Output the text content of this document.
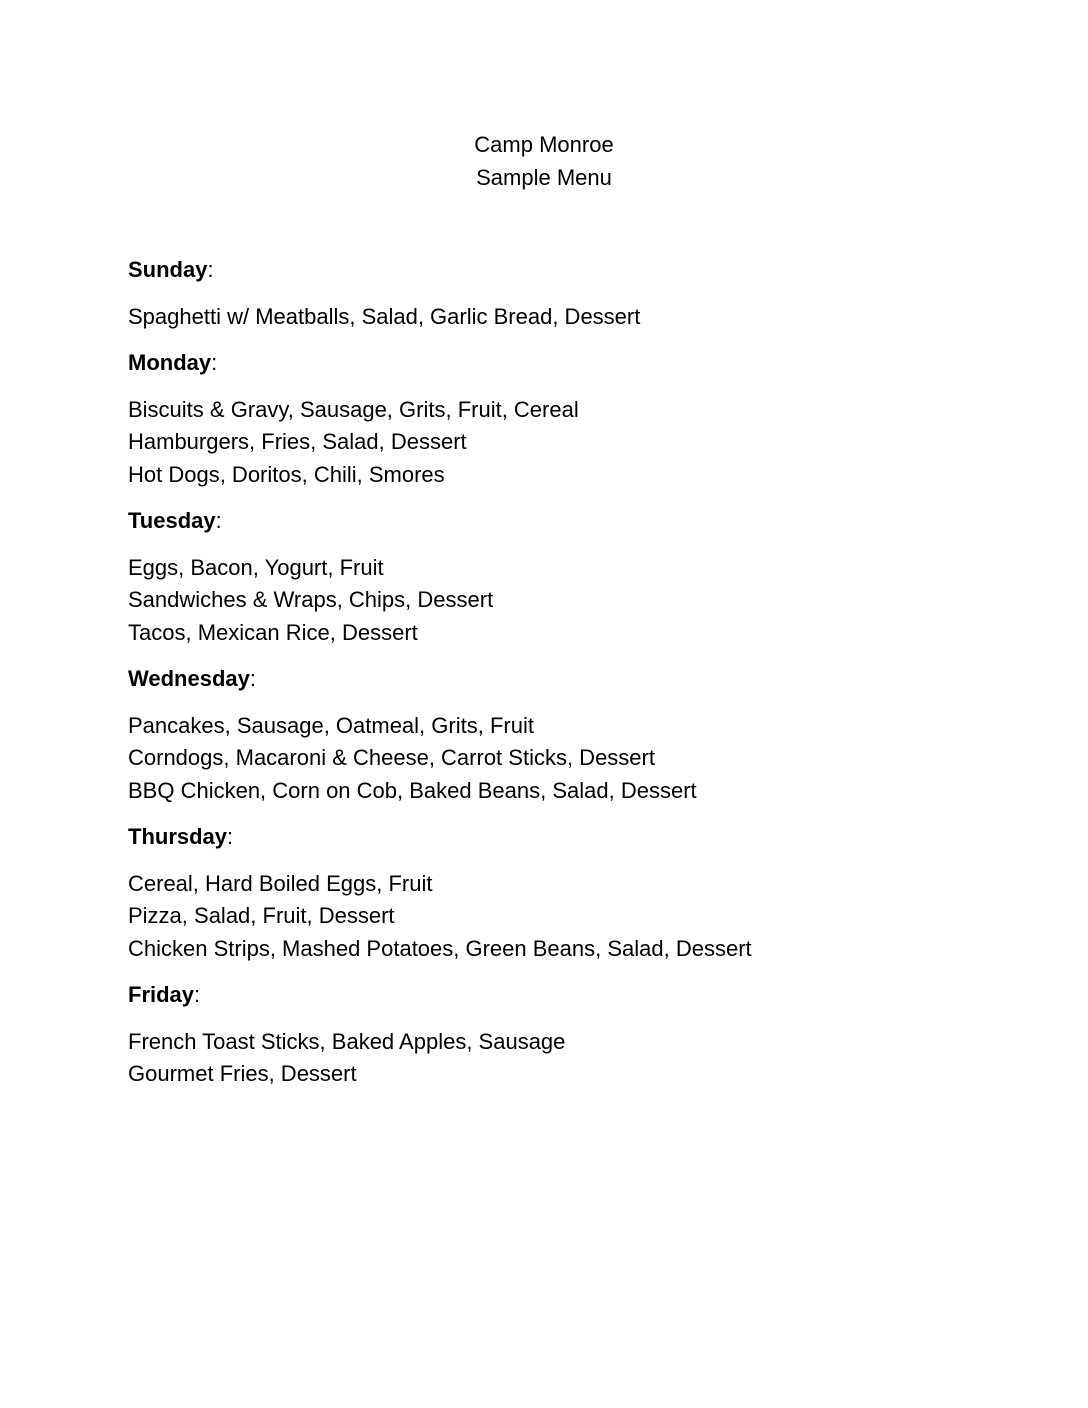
Camp Monroe
Sample Menu
Sunday:
Spaghetti w/ Meatballs, Salad, Garlic Bread, Dessert
Monday:
Biscuits & Gravy, Sausage, Grits, Fruit, Cereal
Hamburgers, Fries, Salad, Dessert
Hot Dogs, Doritos, Chili, Smores
Tuesday:
Eggs, Bacon, Yogurt, Fruit
Sandwiches & Wraps, Chips, Dessert
Tacos, Mexican Rice, Dessert
Wednesday:
Pancakes, Sausage, Oatmeal, Grits, Fruit
Corndogs, Macaroni & Cheese, Carrot Sticks, Dessert
BBQ Chicken, Corn on Cob, Baked Beans, Salad, Dessert
Thursday:
Cereal, Hard Boiled Eggs, Fruit
Pizza, Salad, Fruit, Dessert
Chicken Strips, Mashed Potatoes, Green Beans, Salad, Dessert
Friday:
French Toast Sticks, Baked Apples, Sausage
Gourmet Fries, Dessert
